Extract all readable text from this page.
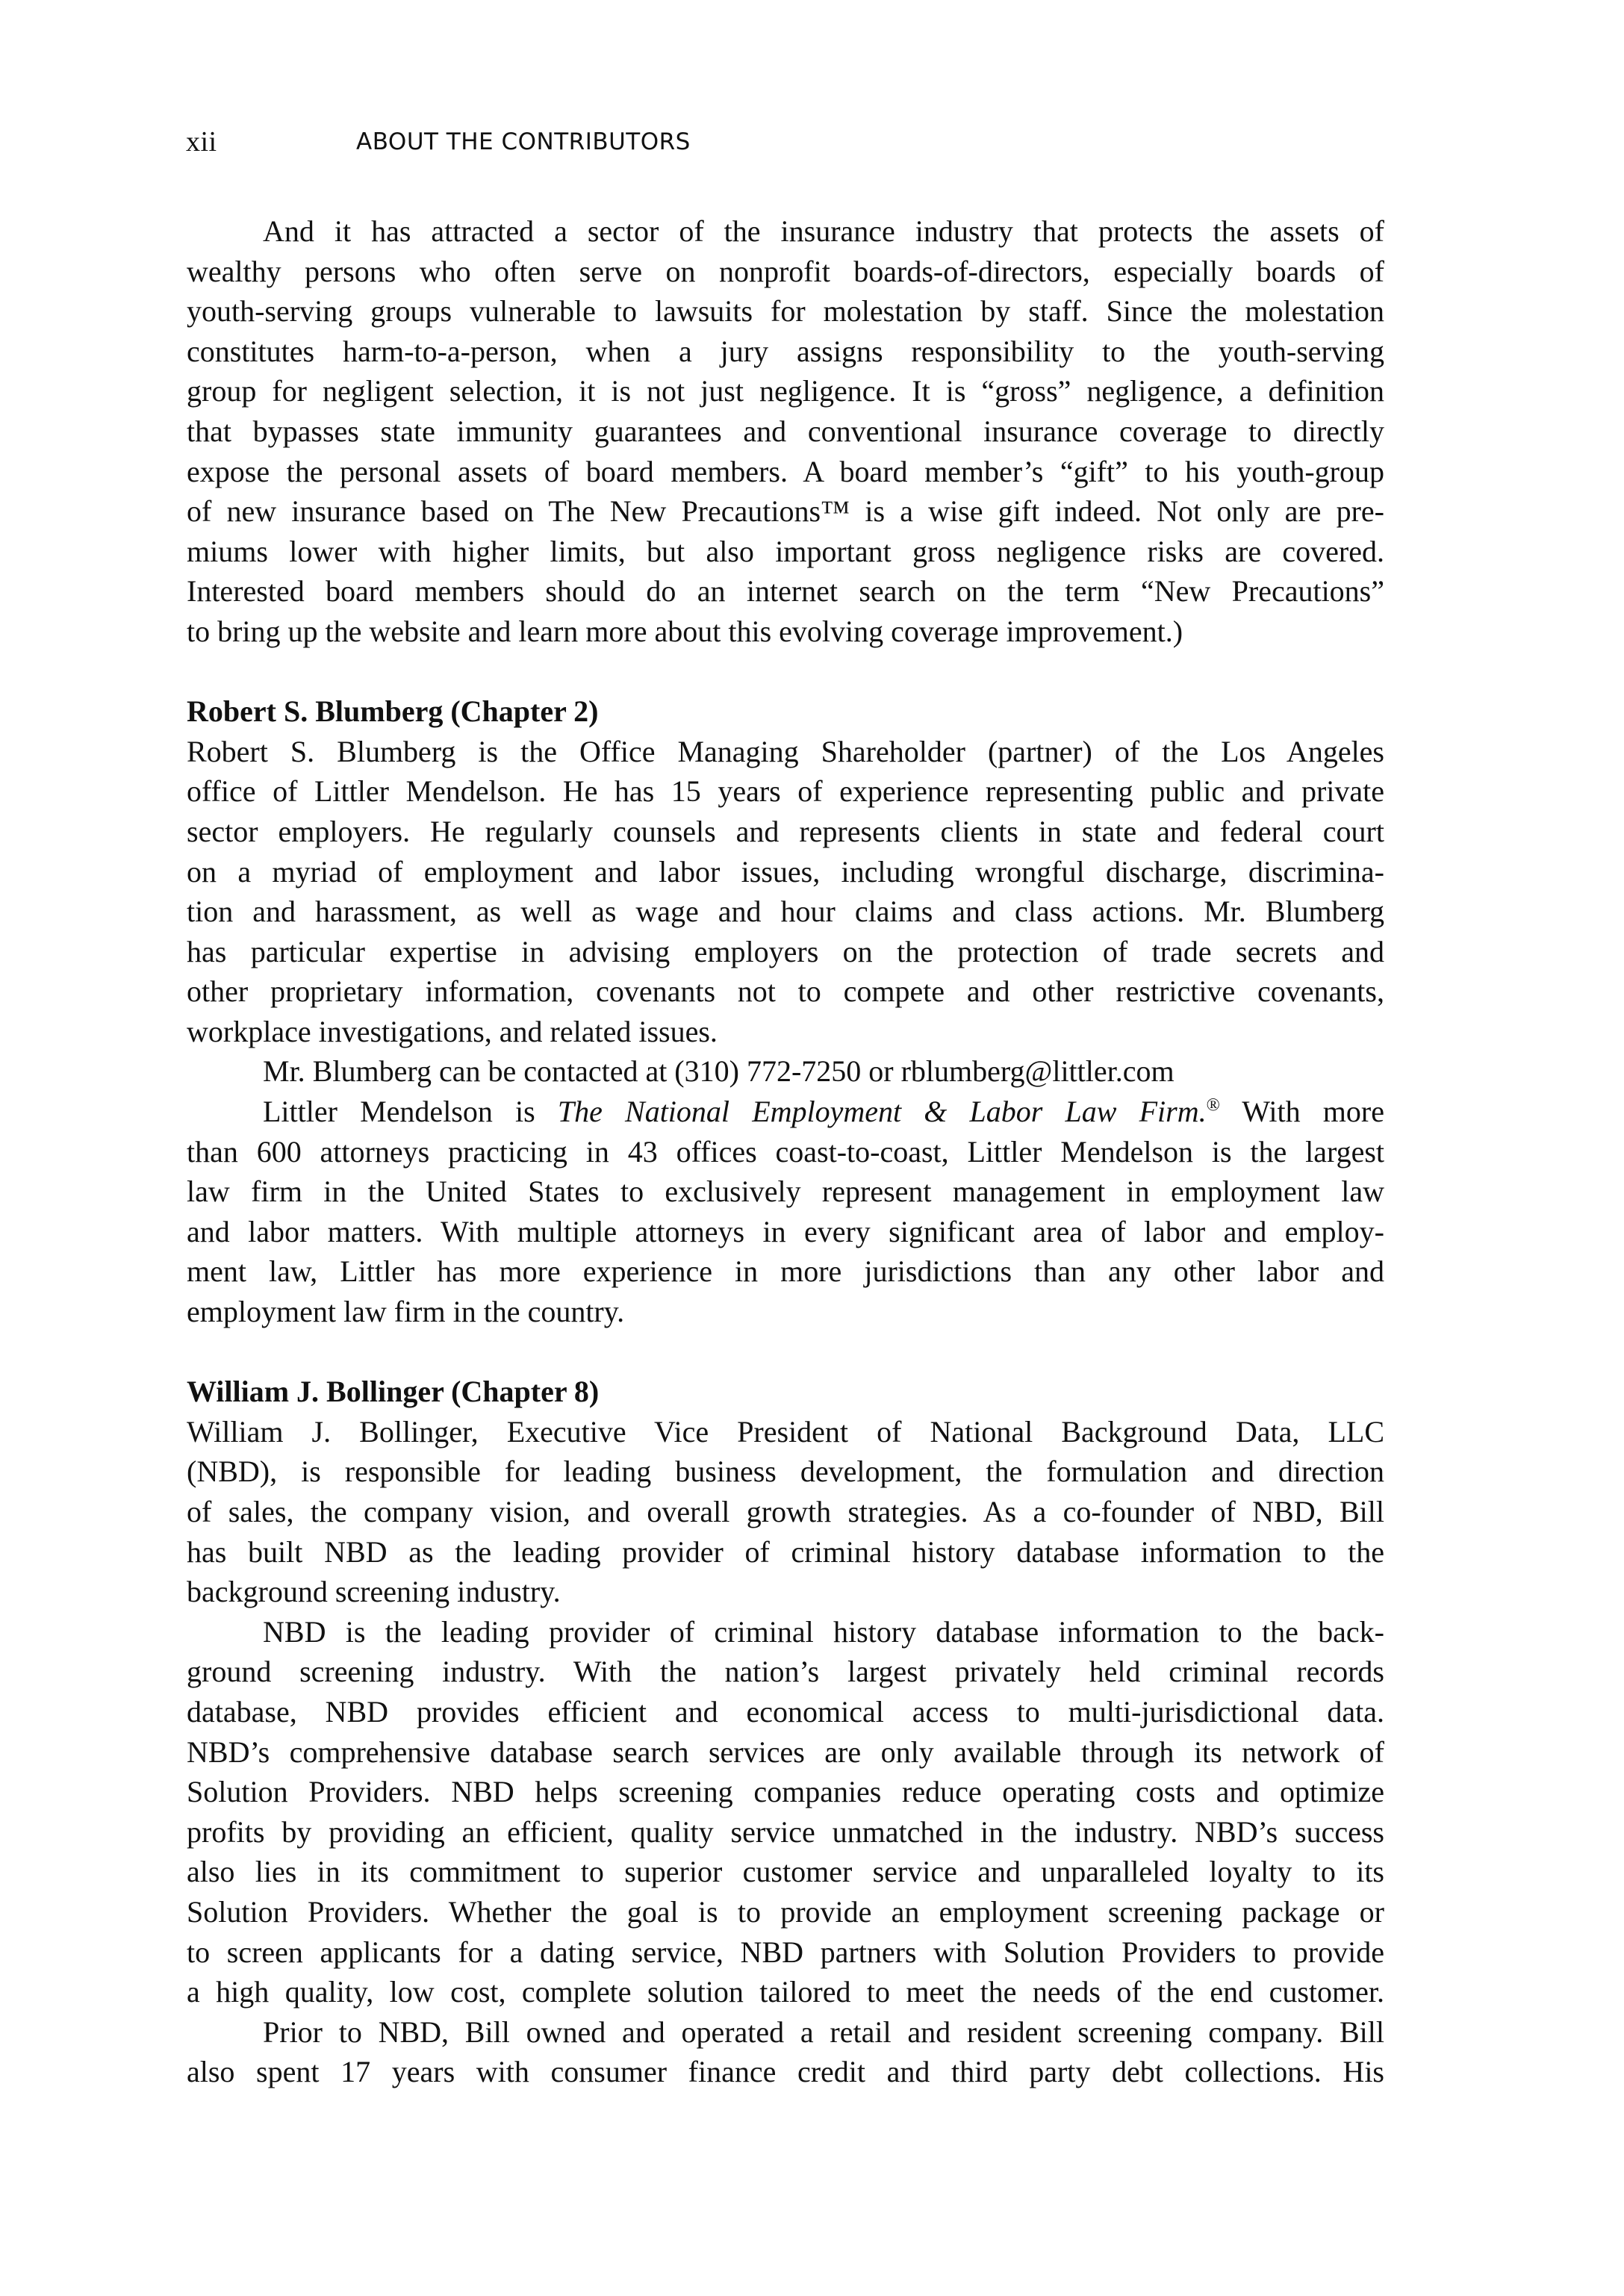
xii	ABOUT THE CONTRIBUTORS
And it has attracted a sector of the insurance industry that protects the assets of
wealthy persons who often serve on nonprofit boards-of-directors, especially boards of
youth-serving groups vulnerable to lawsuits for molestation by staff. Since the molestation
constitutes harm-to-a-person, when a jury assigns responsibility to the youth-serving
group for negligent selection, it is not just negligence. It is “gross” negligence, a definition
that bypasses state immunity guarantees and conventional insurance coverage to directly
expose the personal assets of board members. A board member’s “gift” to his youth-group
of new insurance based on The New Precautions™ is a wise gift indeed. Not only are pre-
miums lower with higher limits, but also important gross negligence risks are covered.
Interested board members should do an internet search on the term “New Precautions”
to bring up the website and learn more about this evolving coverage improvement.)
Robert S. Blumberg (Chapter 2)
Robert S. Blumberg is the Office Managing Shareholder (partner) of the Los Angeles
office of Littler Mendelson. He has 15 years of experience representing public and private
sector employers. He regularly counsels and represents clients in state and federal court
on a myriad of employment and labor issues, including wrongful discharge, discrimina-
tion and harassment, as well as wage and hour claims and class actions. Mr. Blumberg
has particular expertise in advising employers on the protection of trade secrets and
other proprietary information, covenants not to compete and other restrictive covenants,
workplace investigations, and related issues.
Mr. Blumberg can be contacted at (310) 772-7250 or rblumberg@littler.com
Littler Mendelson is The National Employment & Labor Law Firm.® With more
than 600 attorneys practicing in 43 offices coast-to-coast, Littler Mendelson is the largest
law firm in the United States to exclusively represent management in employment law
and labor matters. With multiple attorneys in every significant area of labor and employ-
ment law, Littler has more experience in more jurisdictions than any other labor and
employment law firm in the country.
William J. Bollinger (Chapter 8)
William J. Bollinger, Executive Vice President of National Background Data, LLC
(NBD), is responsible for leading business development, the formulation and direction
of sales, the company vision, and overall growth strategies. As a co-founder of NBD, Bill
has built NBD as the leading provider of criminal history database information to the
background screening industry.
NBD is the leading provider of criminal history database information to the back-
ground screening industry. With the nation’s largest privately held criminal records
database, NBD provides efficient and economical access to multi-jurisdictional data.
NBD’s comprehensive database search services are only available through its network of
Solution Providers. NBD helps screening companies reduce operating costs and optimize
profits by providing an efficient, quality service unmatched in the industry. NBD’s success
also lies in its commitment to superior customer service and unparalleled loyalty to its
Solution Providers. Whether the goal is to provide an employment screening package or
to screen applicants for a dating service, NBD partners with Solution Providers to provide
a high quality, low cost, complete solution tailored to meet the needs of the end customer.
Prior to NBD, Bill owned and operated a retail and resident screening company. Bill
also spent 17 years with consumer finance credit and third party debt collections. His
